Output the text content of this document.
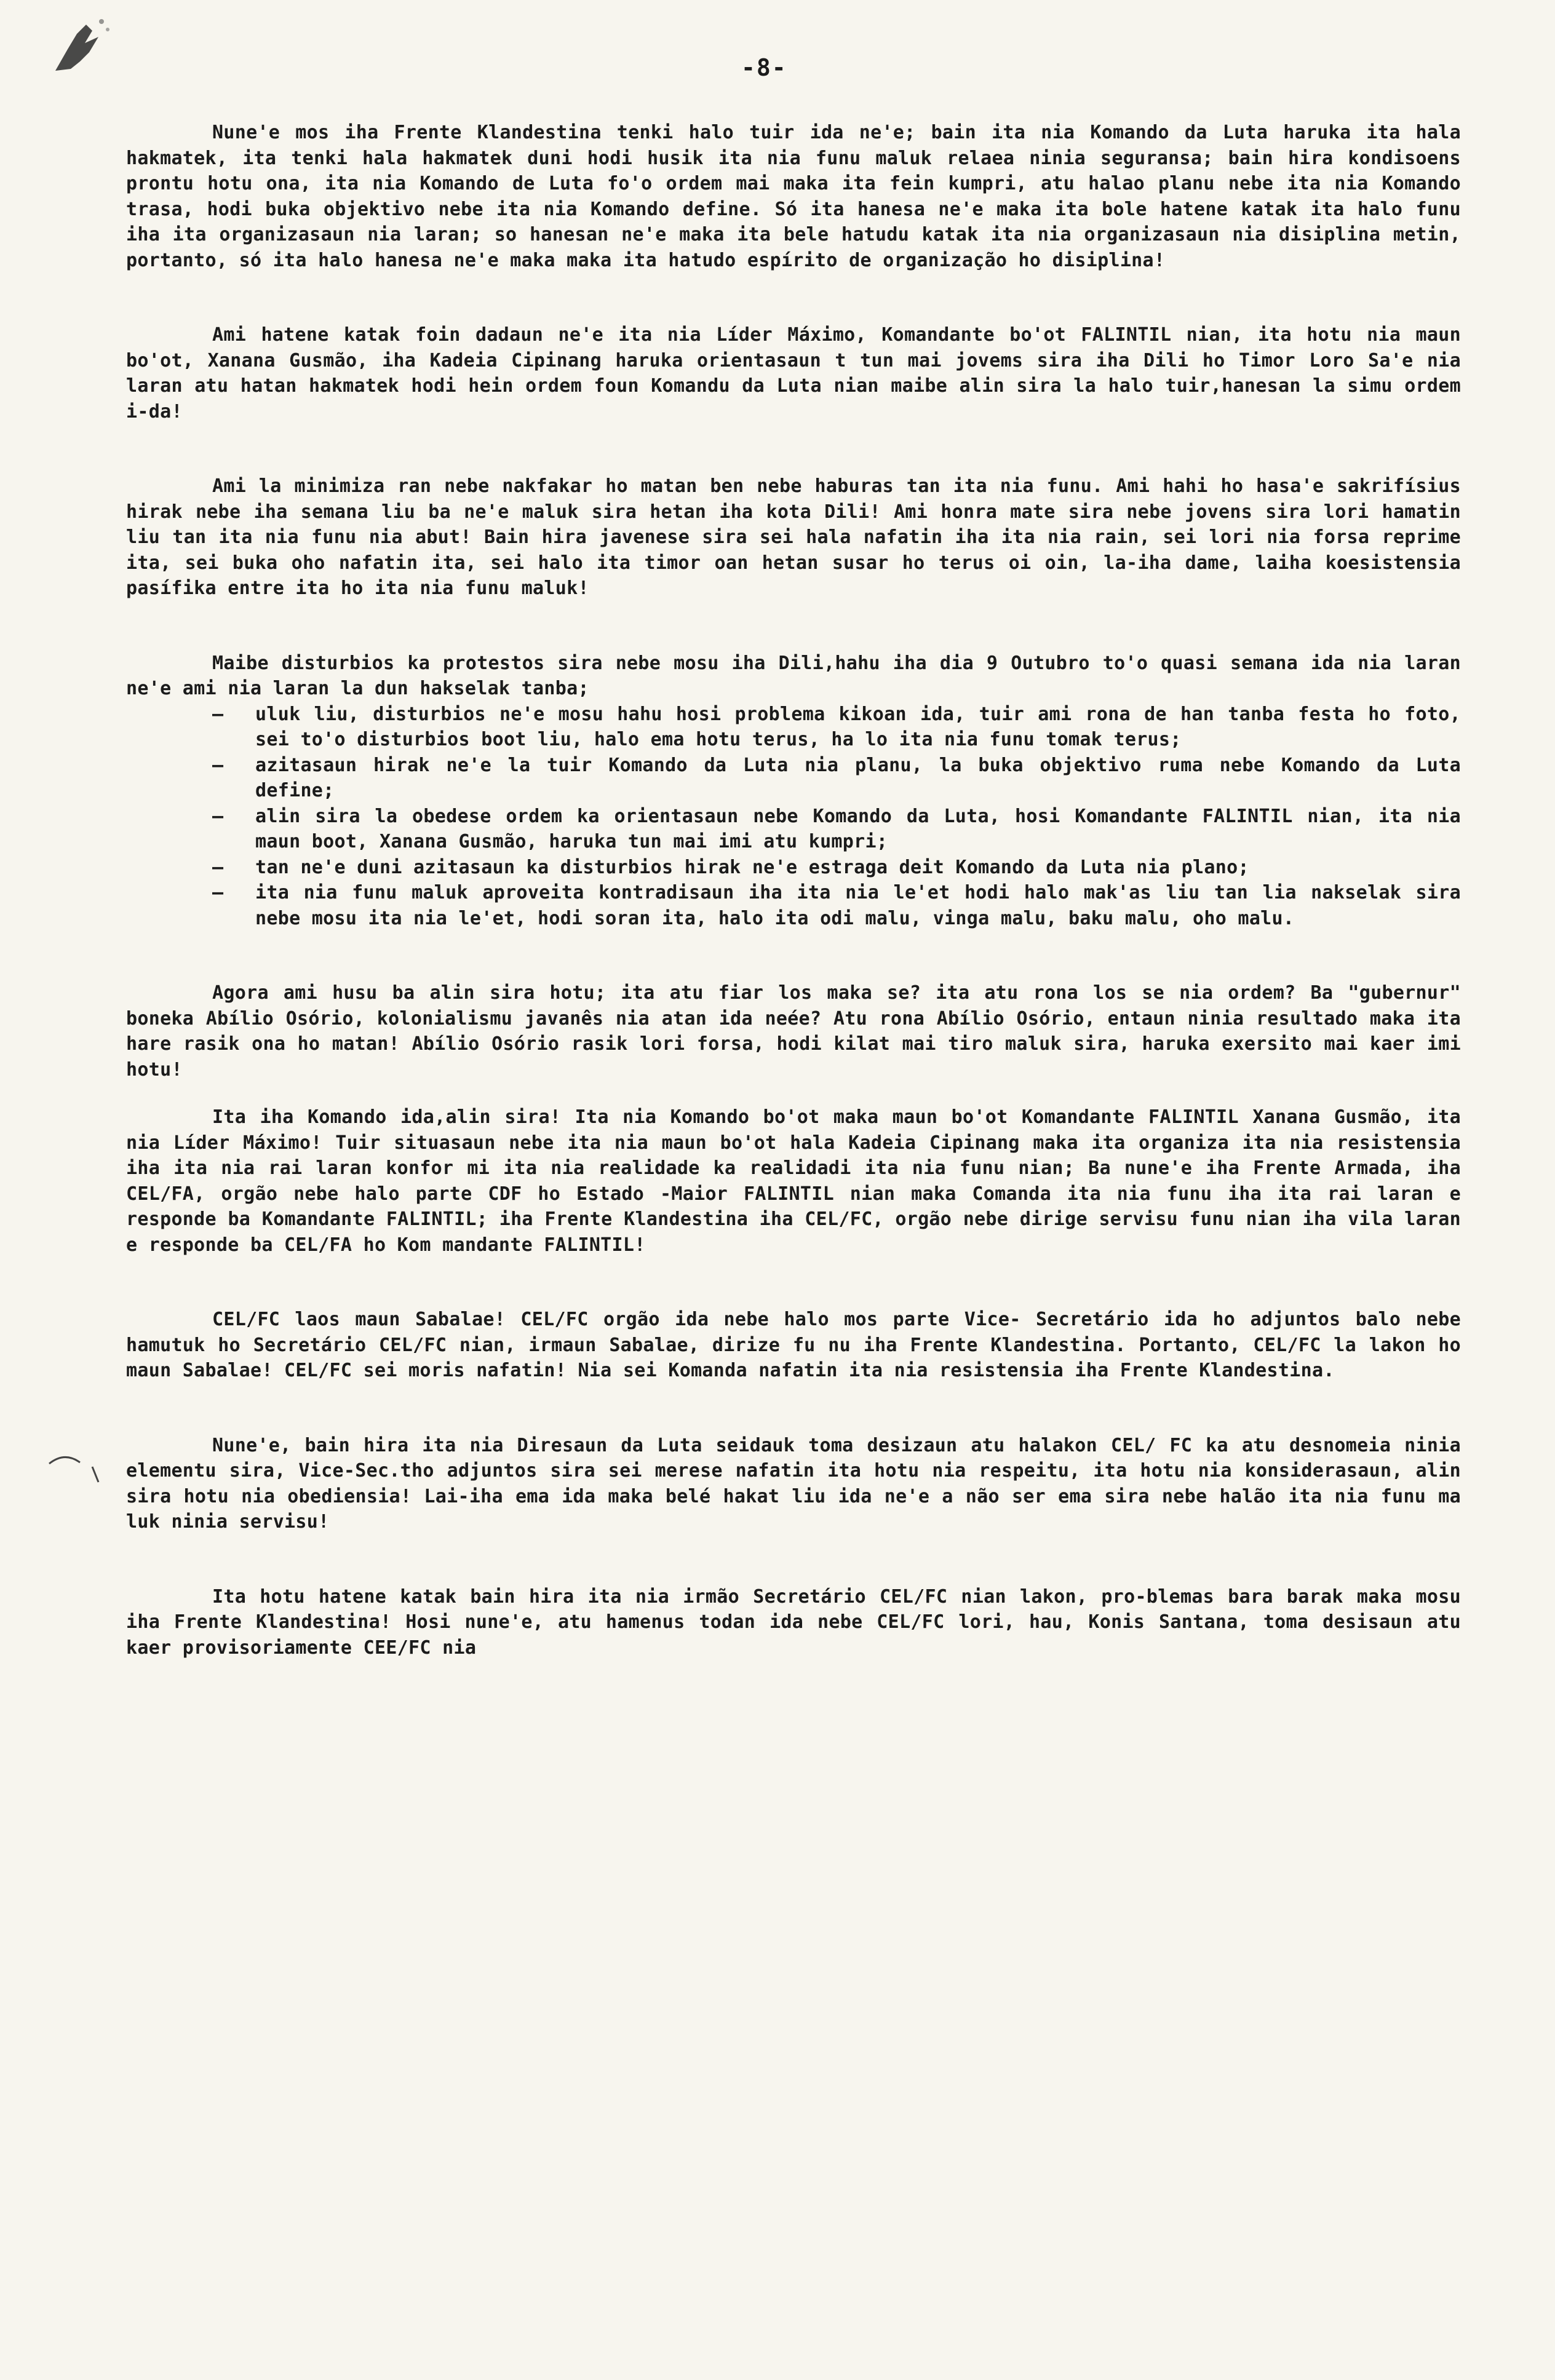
-8-

Nune'e mos iha Frente Klandestina tenki halo tuir ida ne'e; bain ita nia Komando da Luta haruka ita hala hakmatek, ita tenki hala hakmatek duni hodi husik ita nia funu maluk relaea ninia seguransa; bain hira kondisoens prontu hotu ona, ita nia Komando de Luta fo'o ordem mai maka ita fein kumpri, atu halao planu nebe ita nia Komando trasa, hodi buka objektivo nebe ita nia Komando define. Só ita hanesa ne'e maka ita bole hatene katak ita halo funu iha ita organizasaun nia laran; so hanesan ne'e maka ita bele hatudu katak ita nia organizasaun nia disiplina metin, portanto, só ita halo hanesa ne'e maka maka ita hatudo espírito de organização ho disiplina!

Ami hatene katak foin dadaun ne'e ita nia Líder Máximo, Komandante bo'ot FALINTIL nian, ita hotu nia maun bo'ot, Xanana Gusmão, iha Kadeia Cipinang haruka orientasaun t tun mai jovems sira iha Dili ho Timor Loro Sa'e nia laran atu hatan hakmatek hodi hein ordem foun Komandu da Luta nian maibe alin sira la halo tuir,hanesan la simu ordem i-da!

Ami la minimiza ran nebe nakfakar ho matan ben nebe haburas tan ita nia funu. Ami hahi ho hasa'e sakrifísius hirak nebe iha semana liu ba ne'e maluk sira hetan iha kota Dili! Ami honra mate sira nebe jovens sira lori hamatin liu tan ita nia funu nia abut! Bain hira javenese sira sei hala nafatin iha ita nia rain, sei lori nia forsa reprime ita, sei buka oho nafatin ita, sei halo ita timor oan hetan susar ho terus oi oin, la-iha dame, laiha koesistensia pasífika entre ita ho ita nia funu maluk!

Maibe disturbios ka protestos sira nebe mosu iha Dili,hahu iha dia 9 Outubro to'o quasi semana ida nia laran ne'e ami nia laran la dun hakselak tanba;

– uluk liu, disturbios ne'e mosu hahu hosi problema kikoan ida, tuir ami rona de han tanba festa ho foto, sei to'o disturbios boot liu, halo ema hotu terus, ha lo ita nia funu tomak terus;
– azitasaun hirak ne'e la tuir Komando da Luta nia planu, la buka objektivo ruma nebe Komando da Luta define;
– alin sira la obedese ordem ka orientasaun nebe Komando da Luta, hosi Komandante FALINTIL nian, ita nia maun boot, Xanana Gusmão, haruka tun mai imi atu kumpri;
– tan ne'e duni azitasaun ka disturbios hirak ne'e estraga deit Komando da Luta nia plano;
– ita nia funu maluk aproveita kontradisaun iha ita nia le'et hodi halo mak'as liu tan lia nakselak sira nebe mosu ita nia le'et, hodi soran ita, halo ita odi malu, vinga malu, baku malu, oho malu.

Agora ami husu ba alin sira hotu; ita atu fiar los maka se? ita atu rona los se nia ordem? Ba "gubernur" boneka Abílio Osório, kolonialismu javanês nia atan ida neée? Atu rona Abílio Osório, entaun ninia resultado maka ita hare rasik ona ho matan! Abílio Osório rasik lori forsa, hodi kilat mai tiro maluk sira, haruka exersito mai kaer imi hotu!

Ita iha Komando ida,alin sira! Ita nia Komando bo'ot maka maun bo'ot Komandante FALINTIL Xanana Gusmão, ita nia Líder Máximo! Tuir situasaun nebe ita nia maun bo'ot hala Kadeia Cipinang maka ita organiza ita nia resistensia iha ita nia rai laran konfor mi ita nia realidade ka realidadi ita nia funu nian; Ba nune'e iha Frente Armada, iha CEL/FA, orgão nebe halo parte CDF ho Estado -Maior FALINTIL nian maka Comanda ita nia funu iha ita rai laran e responde ba Komandante FALINTIL; iha Frente Klandestina iha CEL/FC, orgão nebe dirige servisu funu nian iha vila laran e responde ba CEL/FA ho Kom mandante FALINTIL!

CEL/FC laos maun Sabalae! CEL/FC orgão ida nebe halo mos parte Vice- Secretário ida ho adjuntos balo nebe hamutuk ho Secretário CEL/FC nian, irmaun Sabalae, dirize fu nu iha Frente Klandestina. Portanto, CEL/FC la lakon ho maun Sabalae! CEL/FC sei moris nafatin! Nia sei Komanda nafatin ita nia resistensia iha Frente Klandestina.

Nune'e, bain hira ita nia Diresaun da Luta seidauk toma desizaun atu halakon CEL/ FC ka atu desnomeia ninia elementu sira, Vice-Sec.tho adjuntos sira sei merese nafatin ita hotu nia respeitu, ita hotu nia konsiderasaun, alin sira hotu nia obediensia! Lai-iha ema ida maka belé hakat liu ida ne'e a não ser ema sira nebe halão ita nia funu ma luk ninia servisu!

Ita hotu hatene katak bain hira ita nia irmão Secretário CEL/FC nian lakon, pro-blemas bara barak maka mosu iha Frente Klandestina! Hosi nune'e, atu hamenus todan ida nebe CEL/FC lori, hau, Konis Santana, toma desisaun atu kaer provisoriamente CEE/FC nia
